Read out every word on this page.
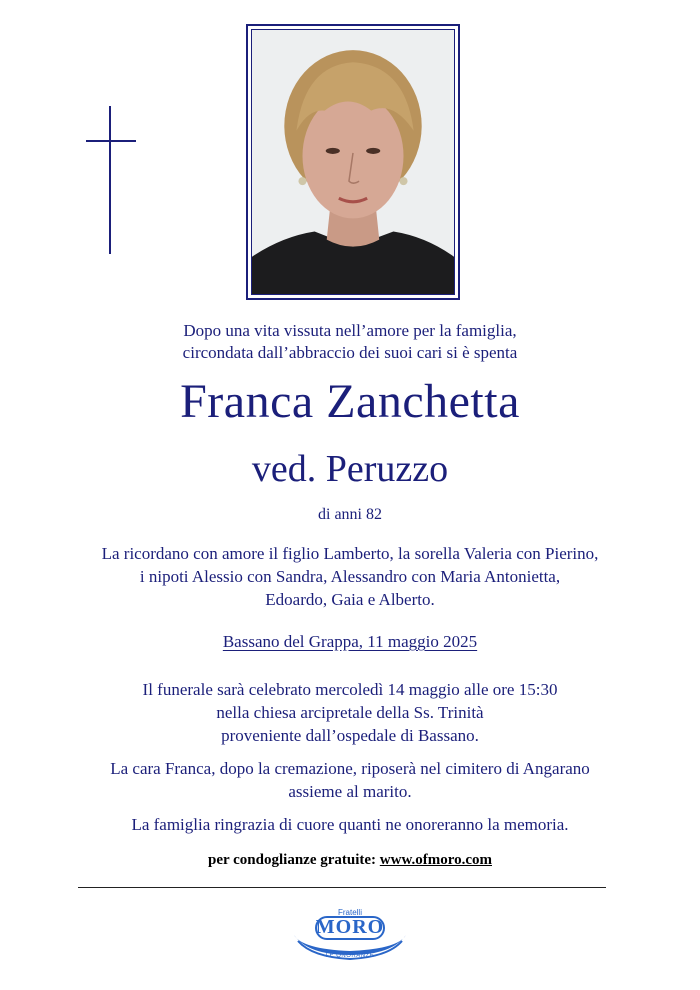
Dopo una vita vissuta nell’amore per la famiglia,
circondata dall’abbraccio dei suoi cari si è spenta
Franca Zanchetta
ved. Peruzzo
di anni 82
La ricordano con amore il figlio Lamberto, la sorella Valeria con Pierino,
i nipoti Alessio con Sandra, Alessandro con Maria Antonietta,
Edoardo, Gaia e Alberto.
Bassano del Grappa, 11 maggio 2025
Il funerale sarà celebrato mercoledì 14 maggio alle ore 15:30
nella chiesa arcipretale della Ss. Trinità
proveniente dall’ospedale di Bassano.
La cara Franca, dopo la cremazione, riposerà nel cimitero di Angarano
assieme al marito.
La famiglia ringrazia di cuore quanti ne onoreranno la memoria.
per condoglianze gratuite: www.ofmoro.com
Fratelli
MORO
LE ONORANZE
